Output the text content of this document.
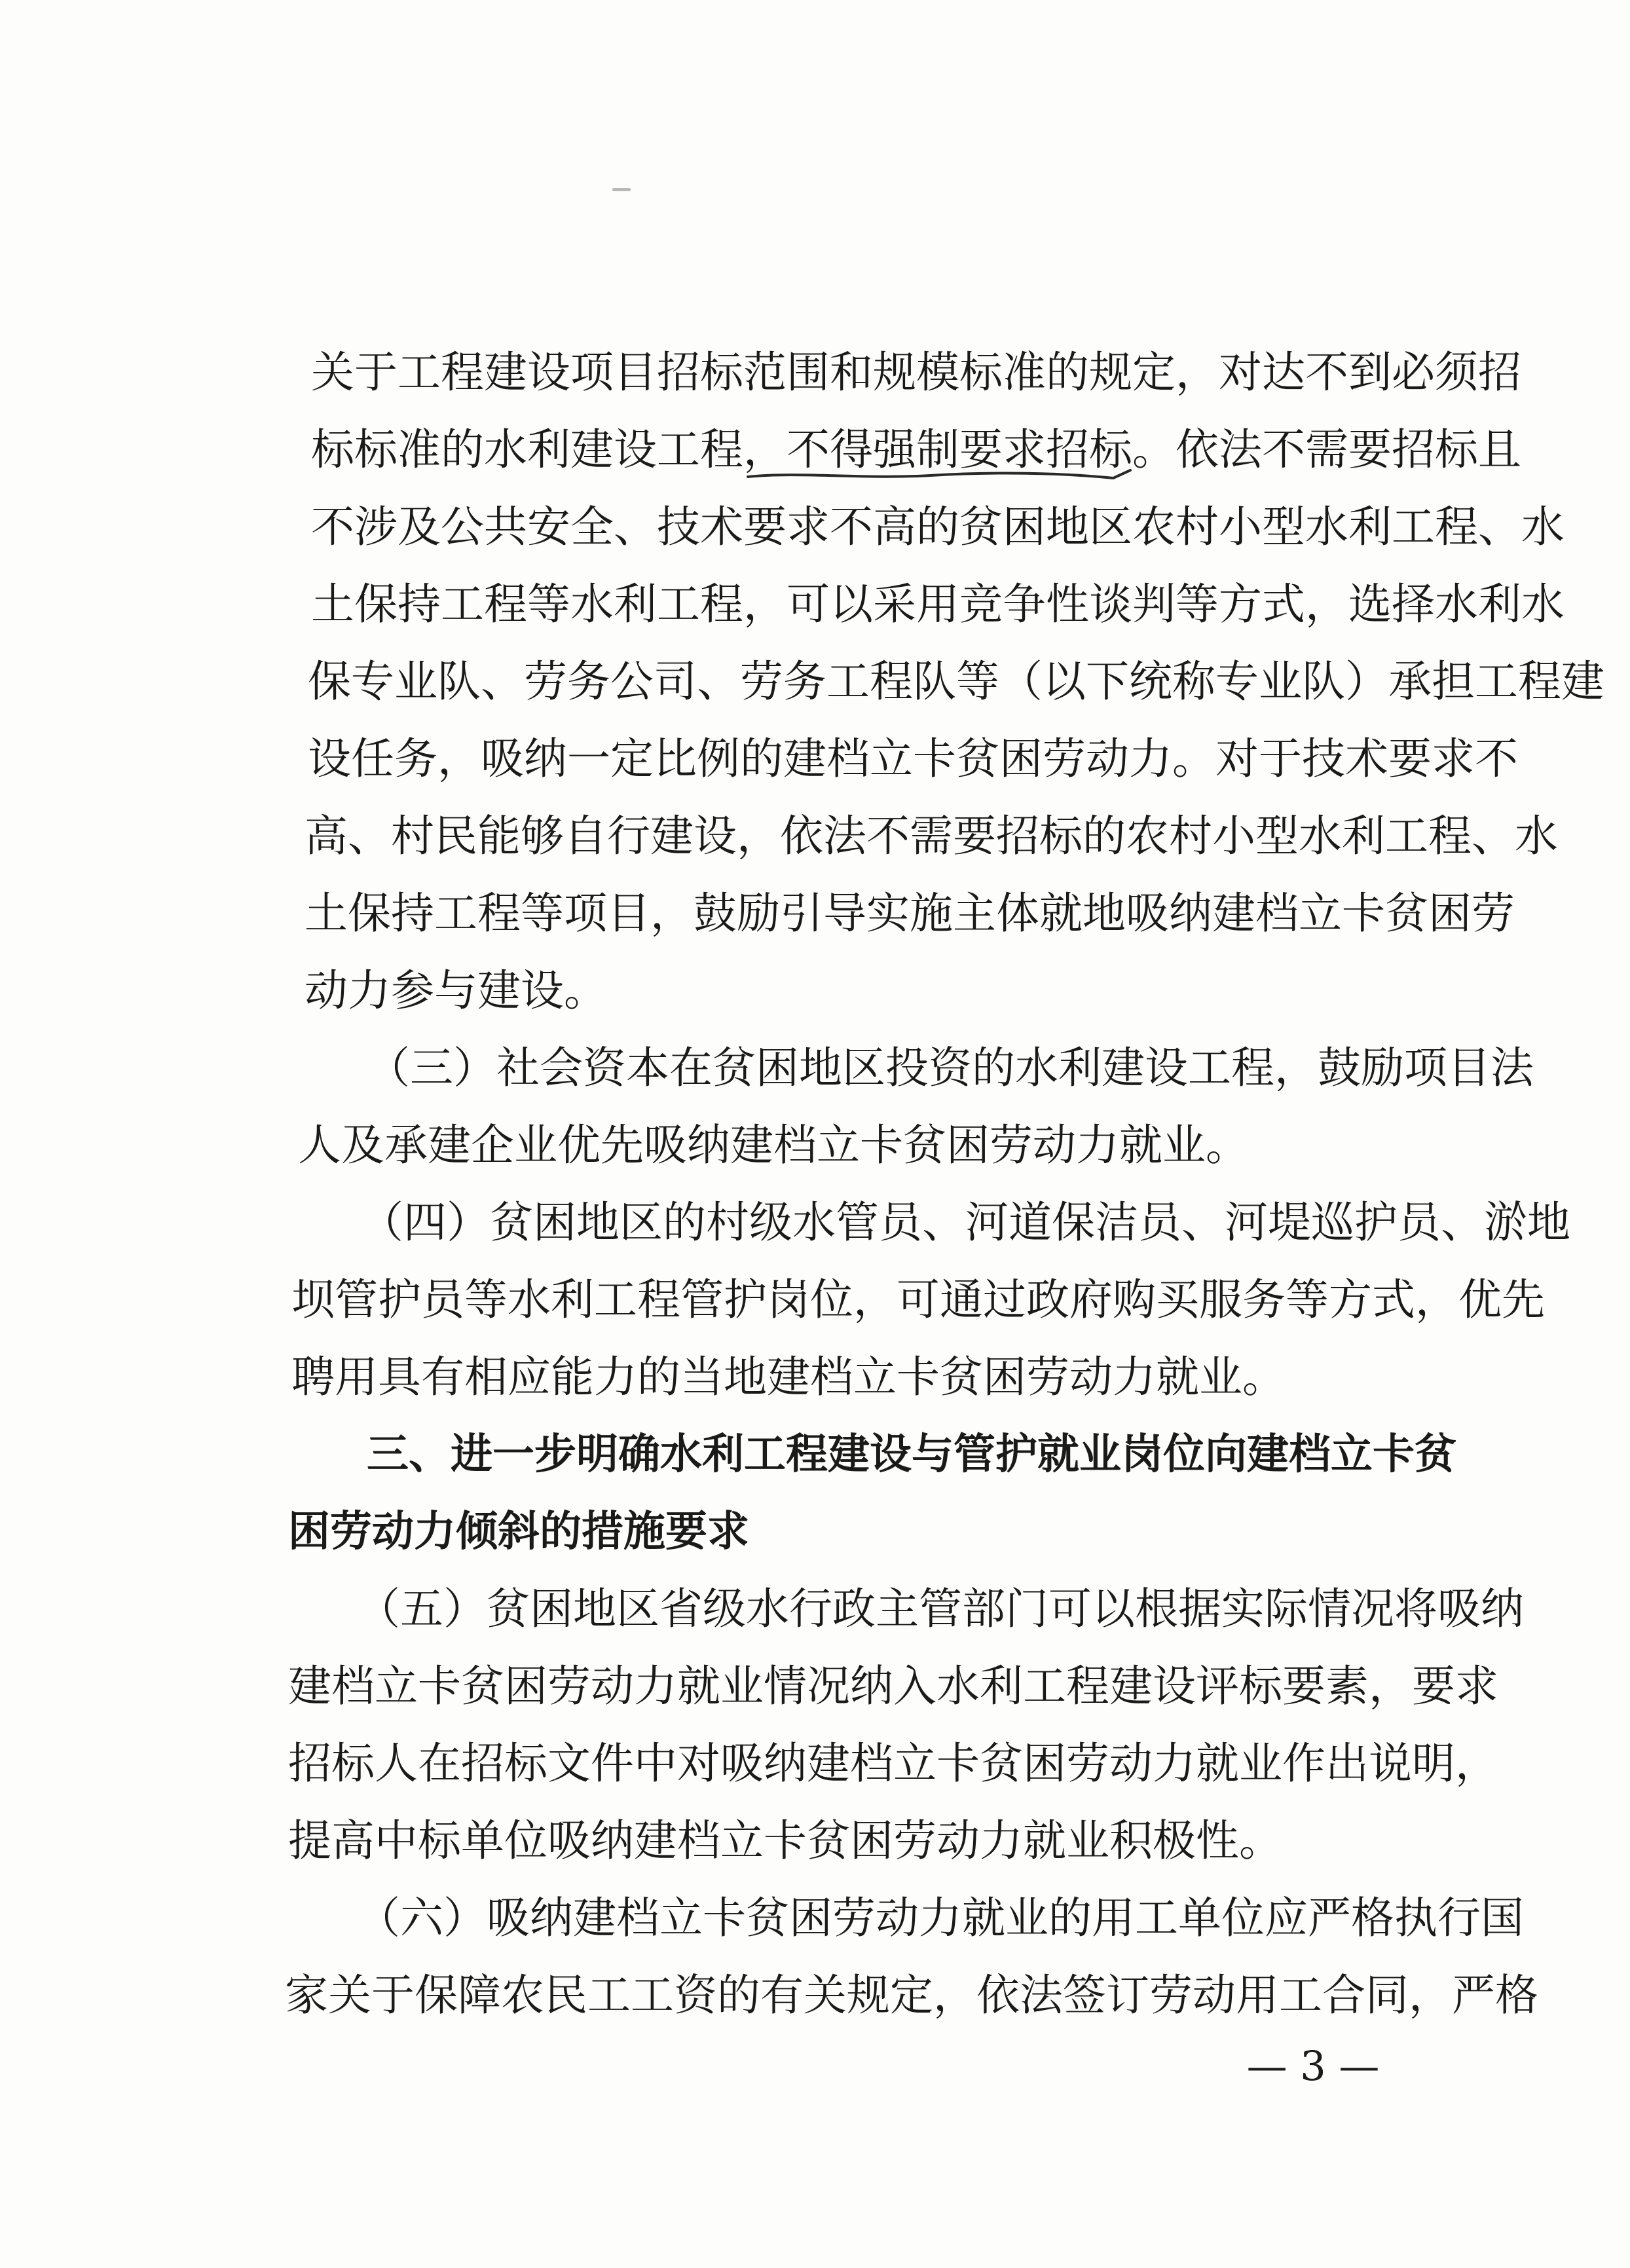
关于工程建设项目招标范围和规模标准的规定，对达不到必须招
标标准的水利建设工程，不得强制要求招标。依法不需要招标且
不涉及公共安全、技术要求不高的贫困地区农村小型水利工程、水
土保持工程等水利工程，可以采用竞争性谈判等方式，选择水利水
保专业队、劳务公司、劳务工程队等（以下统称专业队）承担工程建
设任务，吸纳一定比例的建档立卡贫困劳动力。对于技术要求不
高、村民能够自行建设，依法不需要招标的农村小型水利工程、水
土保持工程等项目，鼓励引导实施主体就地吸纳建档立卡贫困劳
动力参与建设。
（三）社会资本在贫困地区投资的水利建设工程，鼓励项目法
人及承建企业优先吸纳建档立卡贫困劳动力就业。
（四）贫困地区的村级水管员、河道保洁员、河堤巡护员、淤地
坝管护员等水利工程管护岗位，可通过政府购买服务等方式，优先
聘用具有相应能力的当地建档立卡贫困劳动力就业。
三、进一步明确水利工程建设与管护就业岗位向建档立卡贫
困劳动力倾斜的措施要求
（五）贫困地区省级水行政主管部门可以根据实际情况将吸纳
建档立卡贫困劳动力就业情况纳入水利工程建设评标要素，要求
招标人在招标文件中对吸纳建档立卡贫困劳动力就业作出说明，
提高中标单位吸纳建档立卡贫困劳动力就业积极性。
（六）吸纳建档立卡贫困劳动力就业的用工单位应严格执行国
家关于保障农民工工资的有关规定，依法签订劳动用工合同，严格
— 3 —
